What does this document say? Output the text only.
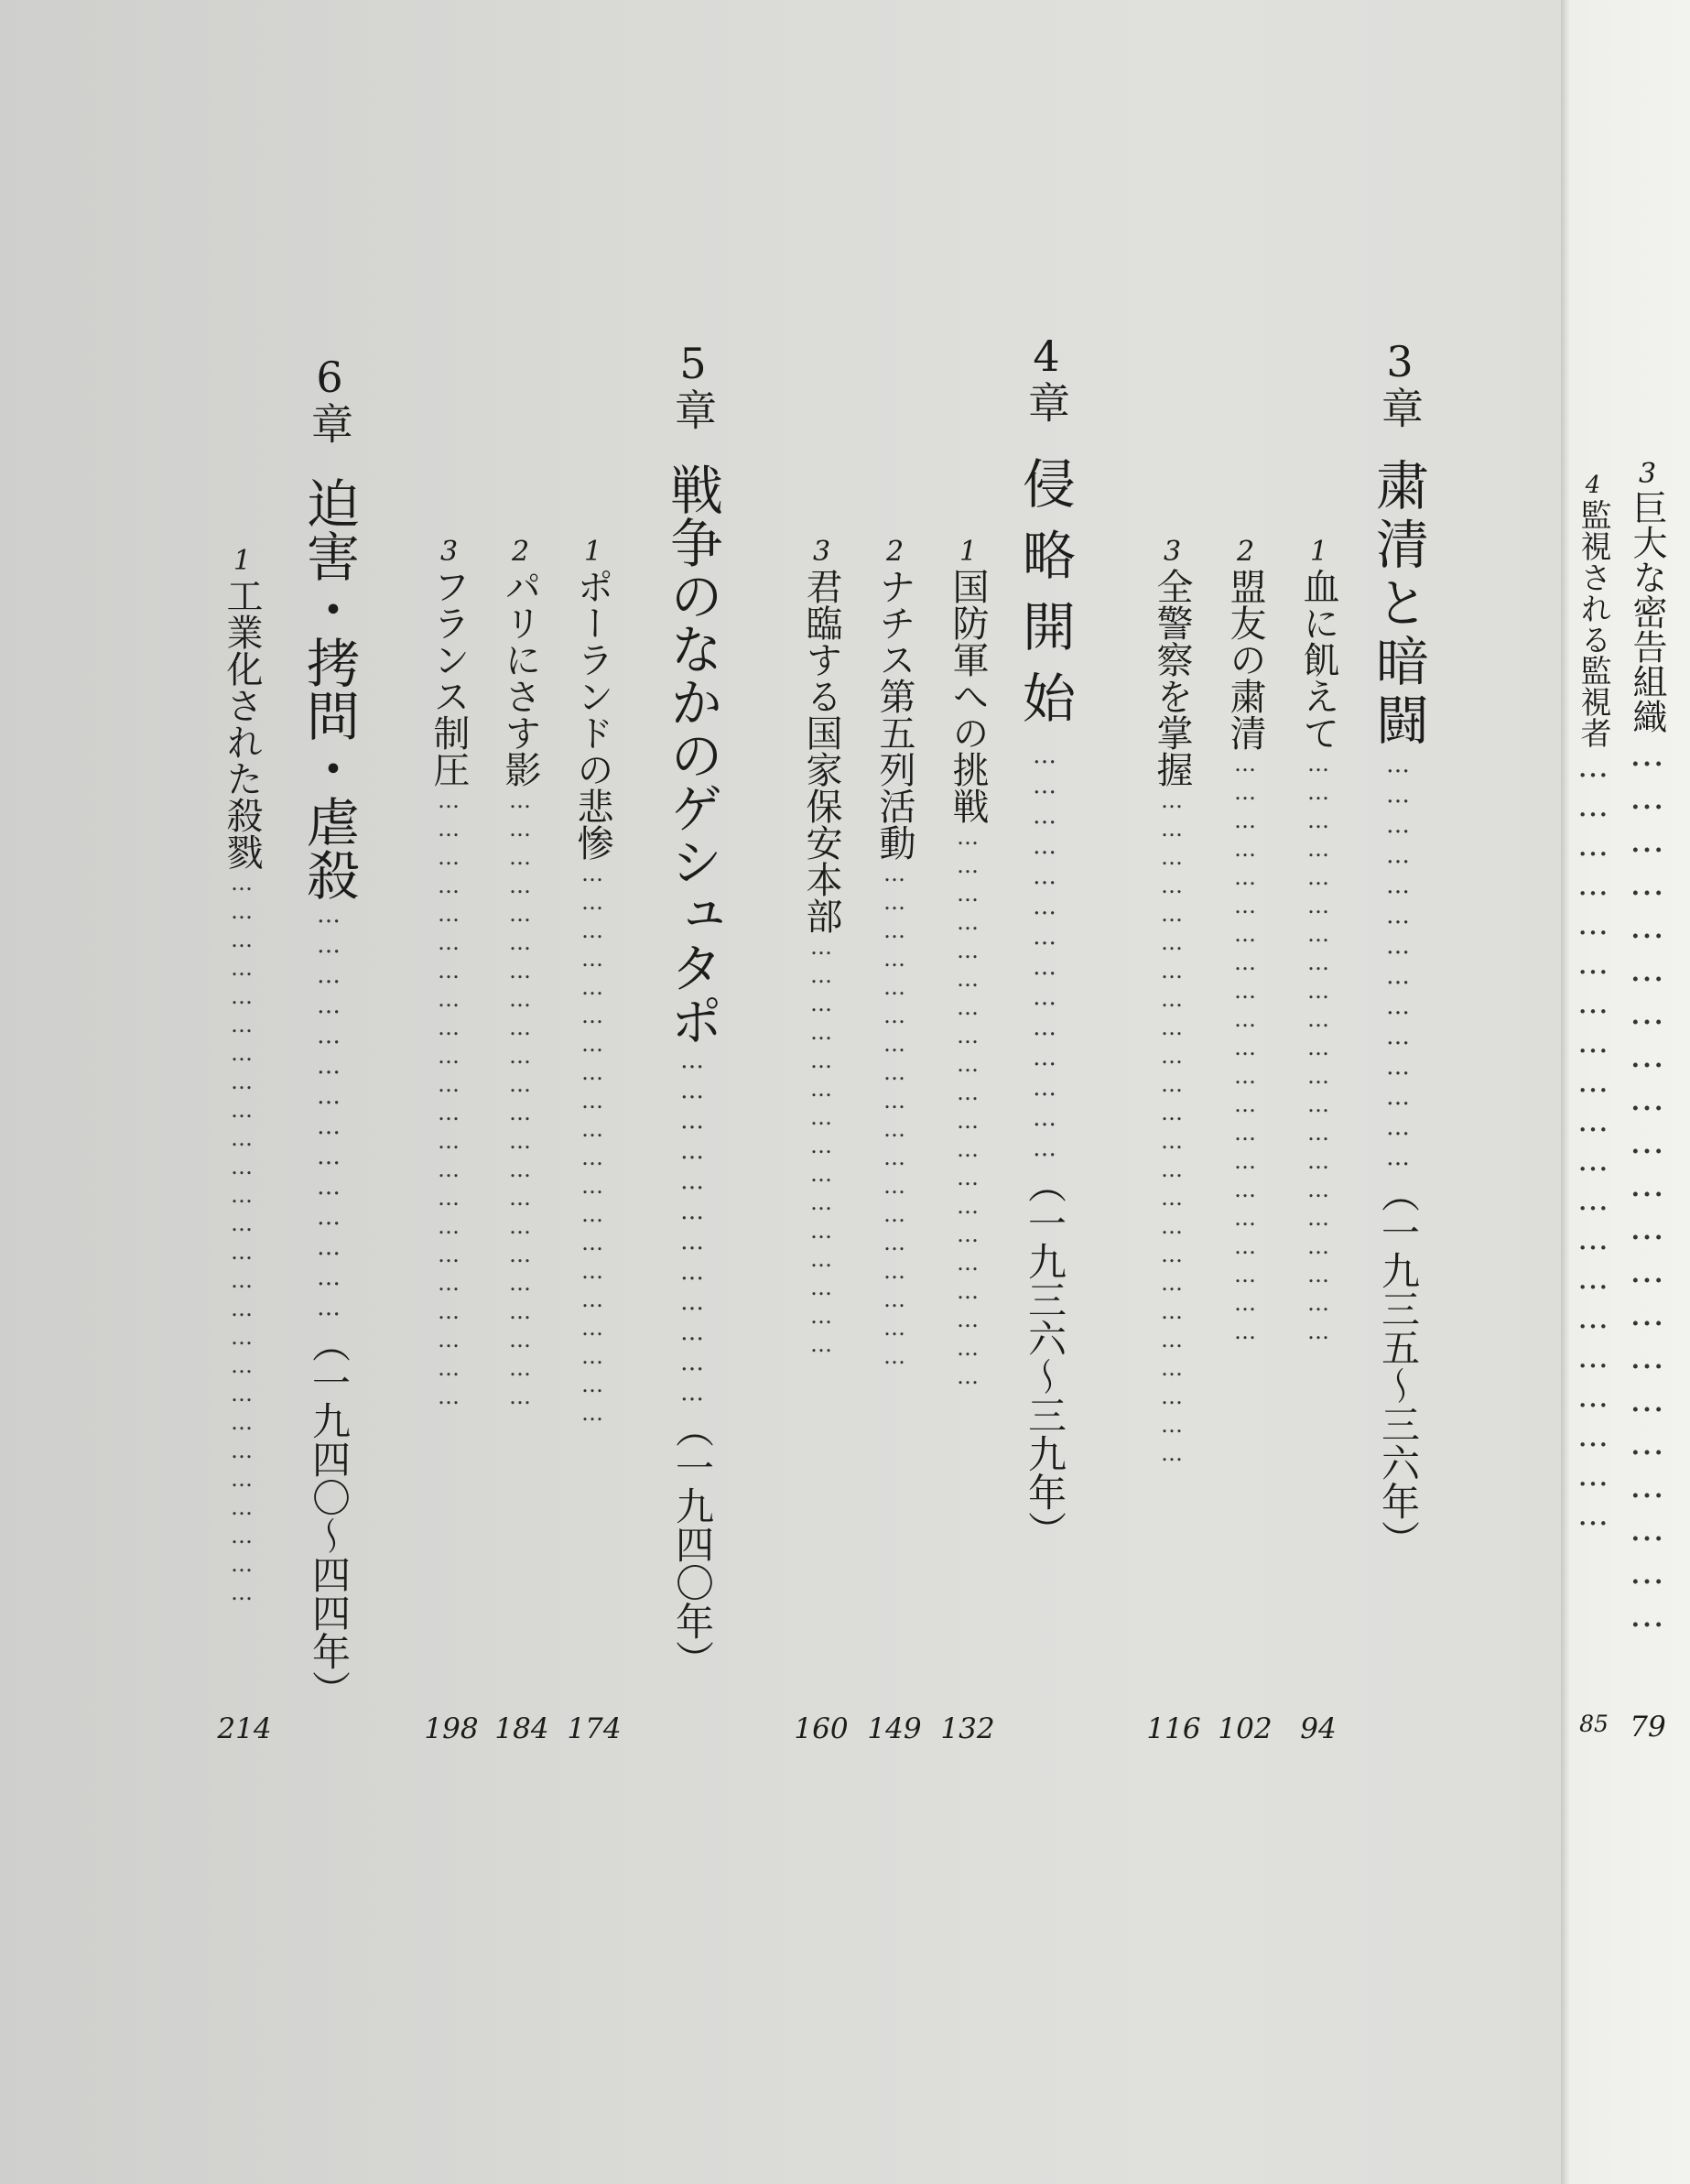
3巨大な密告組織………………………………………………………
79
4監視される監視者……………………………………………………
85
3章
粛清と暗闘……………………………………（一九三五〜三六年）
1血に飢えて………………………………………………………
94
2盟友の粛清………………………………………………………
102
3全警察を掌握………………………………………………………………
116
4章
侵略開始……………………………………（一九三六〜三九年）
1国防軍への挑戦……………………………………………………
132
2ナチス第五列活動………………………………………………
149
3君臨する国家保安本部………………………………………
160
5章
戦争のなかのゲシュタポ………………………………（一九四〇年）
1ポーランドの悲惨……………………………………………………
174
2パリにさす影…………………………………………………………
184
3フランス制圧…………………………………………………………
198
6章
迫害・拷問・虐殺……………………………………（一九四〇〜四四年）
1工業化された殺戮……………………………………………………………………
214
